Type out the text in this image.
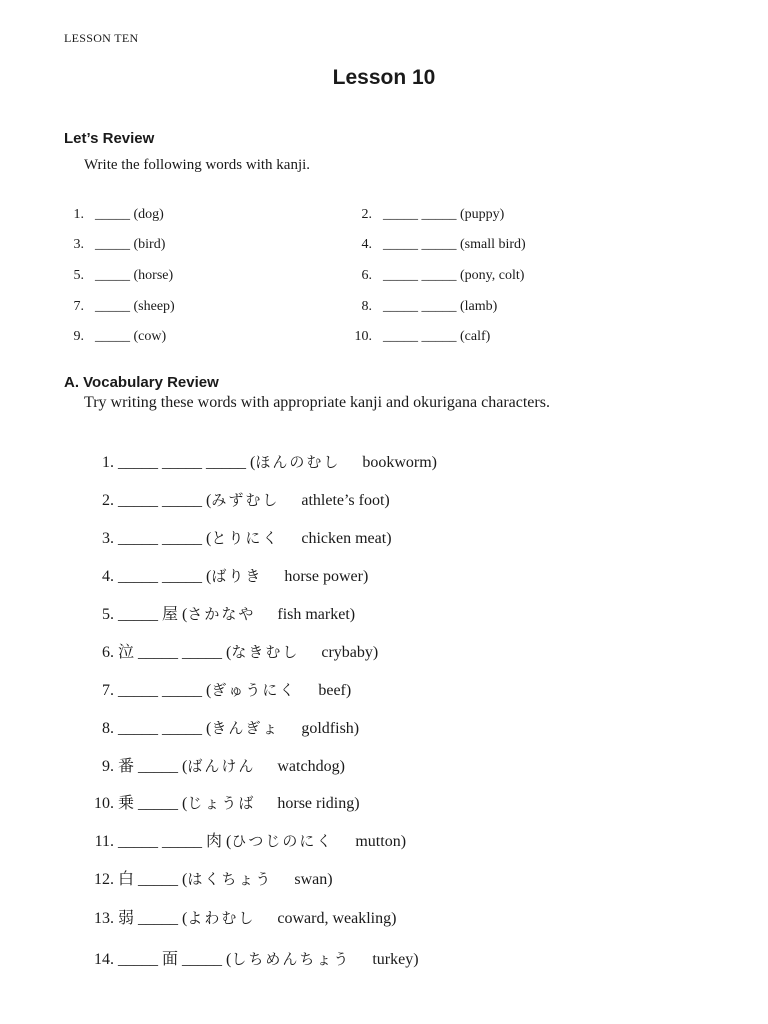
LESSON TEN
Lesson 10
Let’s Review
Write the following words with kanji.
1. _____ (dog)	2. _____ _____ (puppy)
3. _____ (bird)	4. _____ _____ (small bird)
5. _____ (horse)	6. _____ _____ (pony, colt)
7. _____ (sheep)	8. _____ _____ (lamb)
9. _____ (cow)	10. _____ _____ (calf)
A. Vocabulary Review
Try writing these words with appropriate kanji and okurigana characters.
1. _____ _____ _____ (ほんのむし bookworm)
2. _____ _____ (みずむし athlete’s foot)
3. _____ _____ (とりにく chicken meat)
4. _____ _____ (ばりき horse power)
5. _____ 屋 (さかなや fish market)
6. 泣 _____ _____ (なきむし crybaby)
7. _____ _____ (ぎゅうにく beef)
8. _____ _____ (きんぎょ goldfish)
9. 番 _____ (ばんけん watchdog)
10. 乗 _____ (じょうば horse riding)
11. _____ _____ 肉 (ひつじのにく mutton)
12. 白 _____ (はくちょう swan)
13. 弱 _____ (よわむし coward, weakling)
14. _____ 面 _____ (しちめんちょう turkey)
